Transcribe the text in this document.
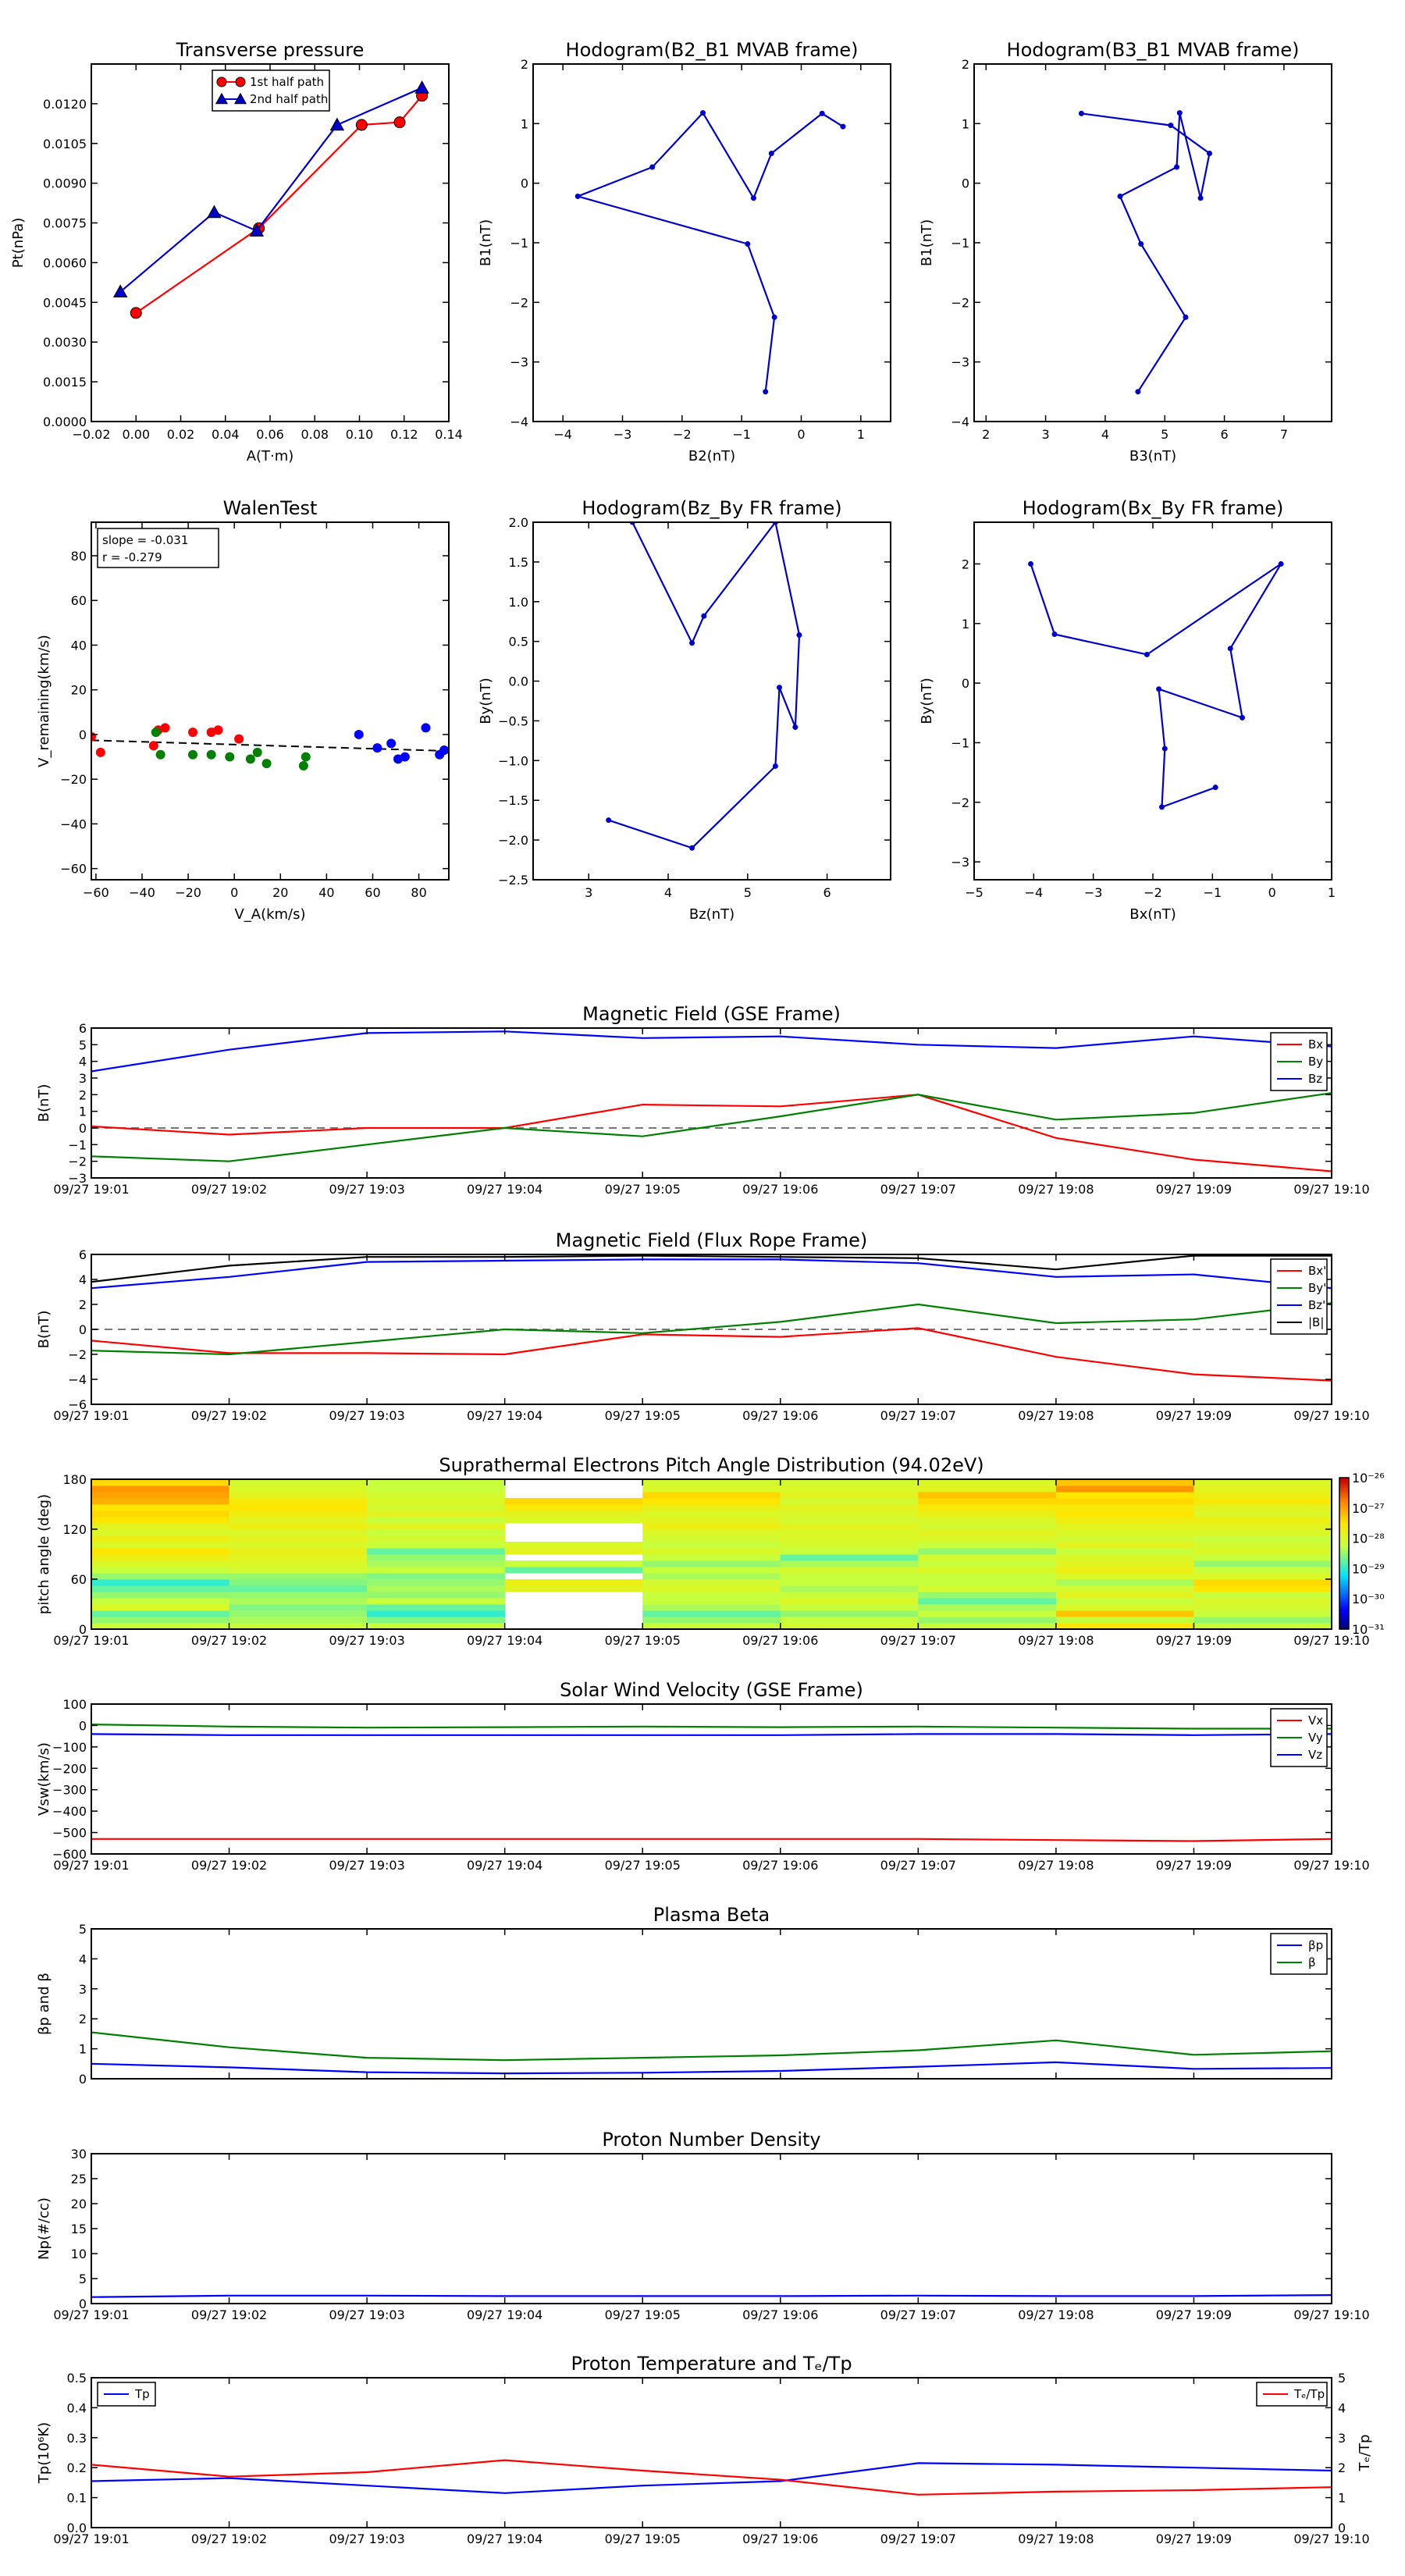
0.0000
0.0015
0.0030
0.0045
0.0060
0.0075
0.0090
0.0105
0.0120
−0.02 0.00 0.02 0.04 0.06 0.08 0.10 0.12 0.14
Transverse pressure
A(T·m)
Pt(nPa)
1st half path
2nd half path
−4
−3
−2
−1
0
1
2
−4	−3	−2	−1	0	1
Hodogram(B2_B1 MVAB frame)
B2(nT)
B1(nT)
−4
−3
−2
−1
0
1
2
2	3	4	5	6	7
Hodogram(B3_B1 MVAB frame)
B3(nT)
B1(nT)
−60
−40
−20
0
20
40
60
80
−60 −40 −20 0	20 40 60 80
WalenTest
V_A(km/s)
V_remaining(km/s)
slope = -0.031
r = -0.279
−2.5
−2.0
−1.5
−1.0
−0.5
0.0
0.5
1.0
1.5
2.0
3	4	5	6
Hodogram(Bz_By FR frame)
Bz(nT)
By(nT)
−3
−2
−1
0
1
2
−5	−4	−3	−2	−1	0	1
Hodogram(Bx_By FR frame)
Bx(nT)
By(nT)
−3
−2
−1
0
1
2
3
4
5
6
09/27 19:01	09/27 19:02	09/27 19:03	09/27 19:04	09/27 19:05	09/27 19:06	09/27 19:07	09/27 19:08	09/27 19:09	09/27 19:10
Magnetic Field (GSE Frame)
B(nT)
Bx
By
Bz
−6
−4
−2
0
2
4
6
09/27 19:01	09/27 19:02	09/27 19:03	09/27 19:04	09/27 19:05	09/27 19:06	09/27 19:07	09/27 19:08	09/27 19:09	09/27 19:10
Magnetic Field (Flux Rope Frame)
B(nT)
Bx'
By'
Bz'
|B|
−600
−500
−400
−300
−200
−100
0
100
09/27 19:01	09/27 19:02	09/27 19:03	09/27 19:04	09/27 19:05	09/27 19:06	09/27 19:07	09/27 19:08	09/27 19:09	09/27 19:10
Solar Wind Velocity (GSE Frame)
Vsw(km/s)
Vx
Vy
Vz
0
1
2
3
4
5
Plasma Beta
βp and β
βp
β
0
5
10
15
20
25
30
09/27 19:01	09/27 19:02	09/27 19:03	09/27 19:04	09/27 19:05	09/27 19:06	09/27 19:07	09/27 19:08	09/27 19:09	09/27 19:10
Proton Number Density
Np(#/cc)
0.0
0.1
0.2
0.3
0.4
0.5
09/27 19:01	09/27 19:02	09/27 19:03	09/27 19:04	09/27 19:05	09/27 19:06	09/27 19:07	09/27 19:08	09/27 19:09	09/27 19:10
Proton Temperature and Tₑ/Tp
Tp(10⁶K)
0
1
2
3
4
5
Tₑ/Tp
Tp	Tₑ/Tp
0
60
120
180
09/27 19:01	09/27 19:02	09/27 19:03	09/27 19:04	09/27 19:05	09/27 19:06	09/27 19:07	09/27 19:08	09/27 19:09	09/27 19:10
Suprathermal Electrons Pitch Angle Distribution (94.02eV)
pitch angle (deg)
10⁻²⁶
10⁻²⁷
10⁻²⁸
10⁻²⁹
10⁻³⁰
10⁻³¹
